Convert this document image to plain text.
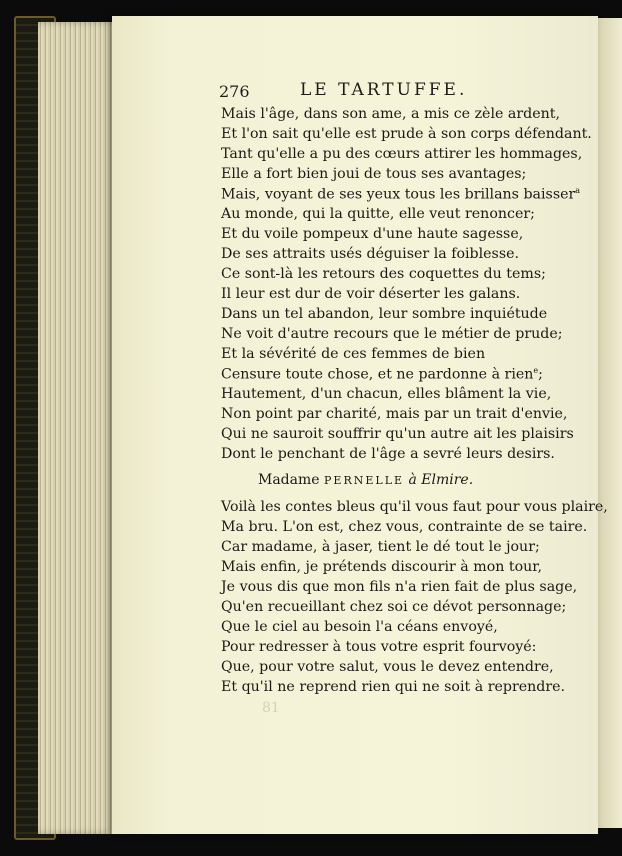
276	LE TARTUFFE.

Mais l'âge, dans son ame, a mis ce zèle ardent,

Et l'on sait qu'elle est prude à son corps défendant.

Tant qu'elle a pu des cœurs attirer les hommages,

Elle a fort bien joui de tous ses avantages;

Mais, voyant de ses yeux tous les brillans baisser$^a$

Au monde, qui la quitte, elle veut renoncer;

Et du voile pompeux d'une haute sagesse,

De ses attraits usés déguiser la foiblesse.

Ce sont-là les retours des coquettes du tems;

Il leur est dur de voir déserter les galans.

Dans un tel abandon, leur sombre inquiétude

Ne voit d'autre recours que le métier de prude;

Et la sévérité de ces femmes de bien

Censure toute chose, et ne pardonne à rien$^e$;

Hautement, d'un chacun, elles blâment la vie,

Non point par charité, mais par un trait d'envie,

Qui ne sauroit souffrir qu'un autre ait les plaisirs

Dont le penchant de l'âge a sevré leurs desirs.

Madame PERNELLE à Elmire.

Voilà les contes bleus qu'il vous faut pour vous plaire,

Ma bru. L'on est, chez vous, contrainte de se taire.

Car madame, à jaser, tient le dé tout le jour;

Mais enfin, je prétends discourir à mon tour,

Je vous dis que mon fils n'a rien fait de plus sage,

Qu'en recueillant chez soi ce dévot personnage;

Que le ciel au besoin l'a céans envoyé,

Pour redresser à tous votre esprit fourvoyé:

Que, pour votre salut, vous le devez entendre,

Et qu'il ne reprend rien qui ne soit à reprendre.

81
